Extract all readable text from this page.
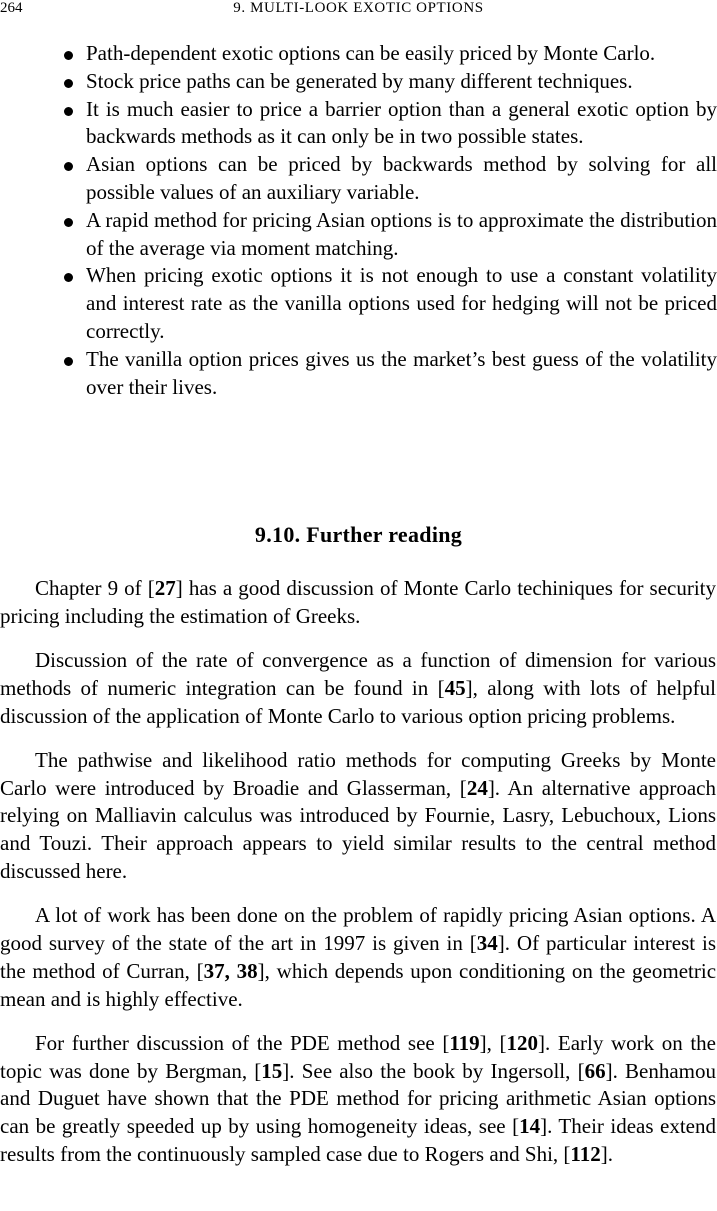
264	9. MULTI-LOOK EXOTIC OPTIONS
Path-dependent exotic options can be easily priced by Monte Carlo.
Stock price paths can be generated by many different techniques.
It is much easier to price a barrier option than a general exotic option by backwards methods as it can only be in two possible states.
Asian options can be priced by backwards method by solving for all possible values of an auxiliary variable.
A rapid method for pricing Asian options is to approximate the distribution of the average via moment matching.
When pricing exotic options it is not enough to use a constant volatility and interest rate as the vanilla options used for hedging will not be priced correctly.
The vanilla option prices gives us the market’s best guess of the volatility over their lives.
9.10. Further reading

Chapter 9 of [27] has a good discussion of Monte Carlo techiniques for security pricing including the estimation of Greeks.

Discussion of the rate of convergence as a function of dimension for various methods of numeric integration can be found in [45], along with lots of helpful discussion of the application of Monte Carlo to various option pricing problems.

The pathwise and likelihood ratio methods for computing Greeks by Monte Carlo were introduced by Broadie and Glasserman, [24]. An alternative approach relying on Malliavin calculus was introduced by Fournie, Lasry, Lebuchoux, Lions and Touzi. Their approach appears to yield similar results to the central method discussed here.

A lot of work has been done on the problem of rapidly pricing Asian options. A good survey of the state of the art in 1997 is given in [34]. Of particular interest is the method of Curran, [37, 38], which depends upon conditioning on the geometric mean and is highly effective.

For further discussion of the PDE method see [119], [120]. Early work on the topic was done by Bergman, [15]. See also the book by Ingersoll, [66]. Benhamou and Duguet have shown that the PDE method for pricing arithmetic Asian options can be greatly speeded up by using homogeneity ideas, see [14]. Their ideas extend results from the continuously sampled case due to Rogers and Shi, [112].
